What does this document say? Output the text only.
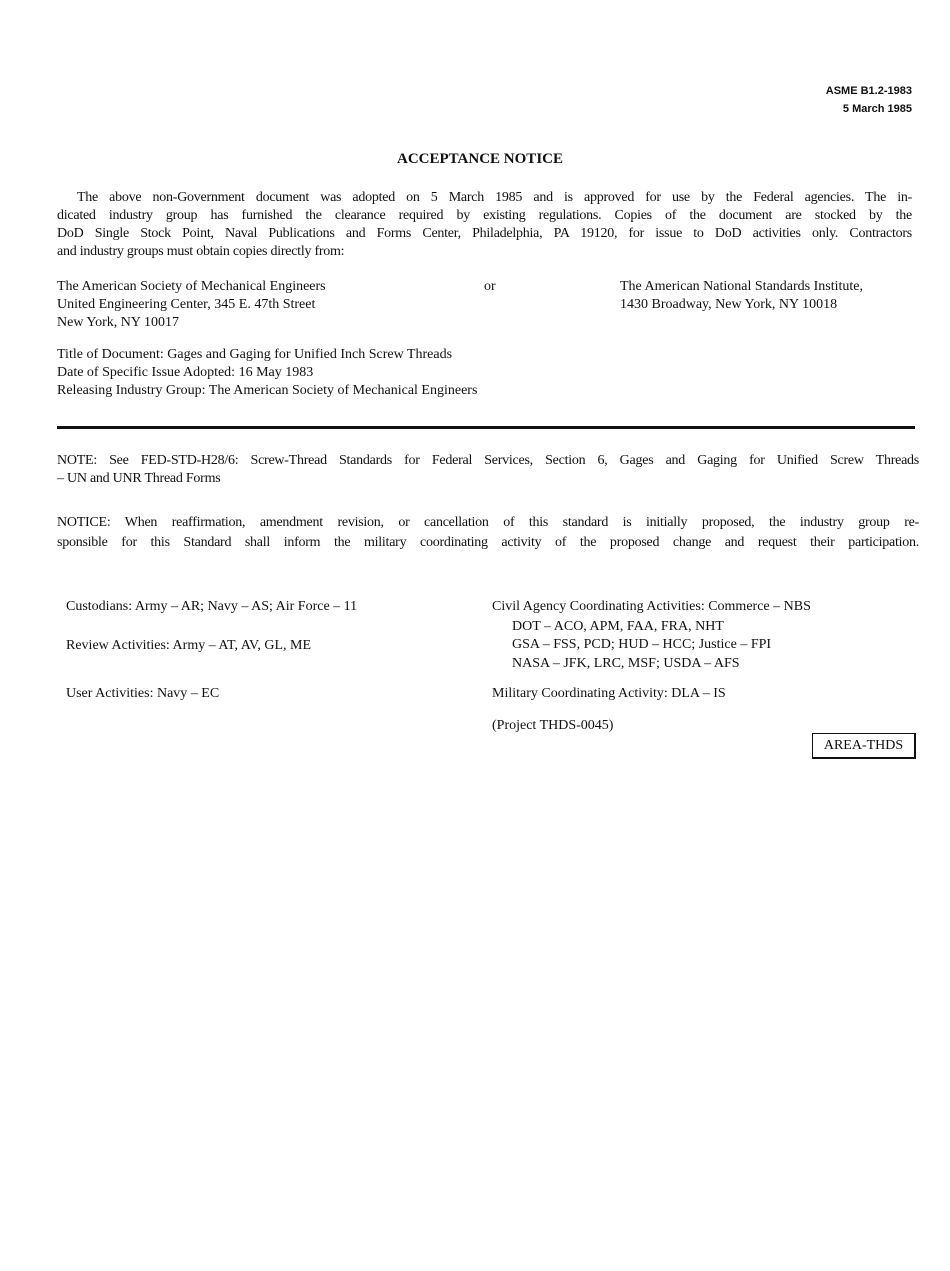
ASME B1.2-1983
5 March 1985
ACCEPTANCE NOTICE
The above non-Government document was adopted on 5 March 1985 and is approved for use by the Federal agencies. The in-
dicated industry group has furnished the clearance required by existing regulations. Copies of the document are stocked by the
DoD Single Stock Point, Naval Publications and Forms Center, Philadelphia, PA 19120, for issue to DoD activities only. Contractors
and industry groups must obtain copies directly from:
The American Society of Mechanical Engineers
United Engineering Center, 345 E. 47th Street
New York, NY 10017
or	The American National Standards Institute,
1430 Broadway, New York, NY 10018
Title of Document: Gages and Gaging for Unified Inch Screw Threads
Date of Specific Issue Adopted: 16 May 1983
Releasing Industry Group: The American Society of Mechanical Engineers
NOTE: See FED-STD-H28/6: Screw-Thread Standards for Federal Services, Section 6, Gages and Gaging for Unified Screw Threads
– UN and UNR Thread Forms
NOTICE: When reaffirmation, amendment revision, or cancellation of this standard is initially proposed, the industry group re-
sponsible for this Standard shall inform the military coordinating activity of the proposed change and request their participation.
Custodians: Army – AR; Navy – AS; Air Force – 11
Review Activities: Army – AT, AV, GL, ME
User Activities: Navy – EC
Civil Agency Coordinating Activities: Commerce – NBS
DOT – ACO, APM, FAA, FRA, NHT
GSA – FSS, PCD; HUD – HCC; Justice – FPI
NASA – JFK, LRC, MSF; USDA – AFS
Military Coordinating Activity: DLA – IS
(Project THDS-0045)
AREA-THDS
